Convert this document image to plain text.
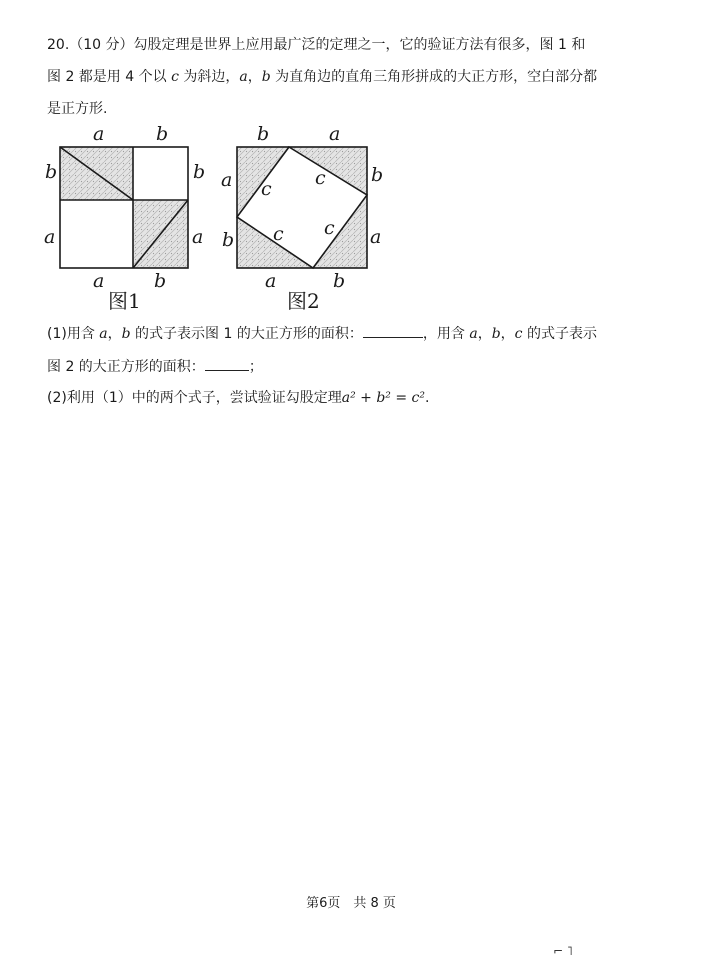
20.（10 分）勾股定理是世界上应用最广泛的定理之一，它的验证方法有很多，图 1 和
图 2 都是用 4 个以 c 为斜边，a，b 为直角边的直角三角形拼成的大正方形，空白部分都
是正方形.
a	b
b
a
b
a
a	b
图1
b	a
a
b
b
a
a	b
c c
c c
图2
(1)用含 a，b 的式子表示图 1 的大正方形的面积：	，用含 a，b，c 的式子表示
图 2 的大正方形的面积：	；
(2)利用（1）中的两个式子，尝试验证勾股定理a² + b² = c².
第6页　共 8 页
⌐ ˥
